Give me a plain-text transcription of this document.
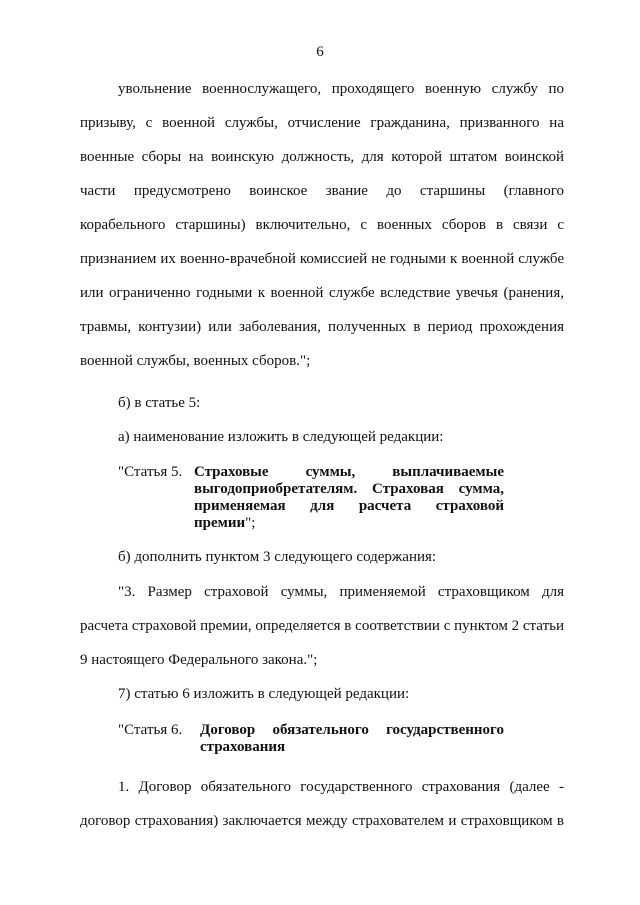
6
увольнение военнослужащего, проходящего военную службу по
призыву, с военной службы, отчисление гражданина, призванного на
военные сборы на воинскую должность, для которой штатом воинской
части предусмотрено воинское звание до старшины (главного
корабельного старшины) включительно, с военных сборов в связи с
признанием их военно-врачебной комиссией не годными к военной службе
или ограниченно годными к военной службе вследствие увечья (ранения,
травмы, контузии) или заболевания, полученных в период прохождения
военной службы, военных сборов.";
б) в статье 5:
а) наименование изложить в следующей редакции:
"Статья 5. Страховые суммы, выплачиваемые
выгодоприобретателям. Страховая сумма,
применяемая для расчета страховой
премии";
б) дополнить пунктом 3 следующего содержания:
"3. Размер страховой суммы, применяемой страховщиком для
расчета страховой премии, определяется в соответствии с пунктом 2 статьи
9 настоящего Федерального закона.";
7) статью 6 изложить в следующей редакции:
"Статья 6.	Договор обязательного государственного
страхования
1. Договор обязательного государственного страхования (далее -
договор страхования) заключается между страхователем и страховщиком в
